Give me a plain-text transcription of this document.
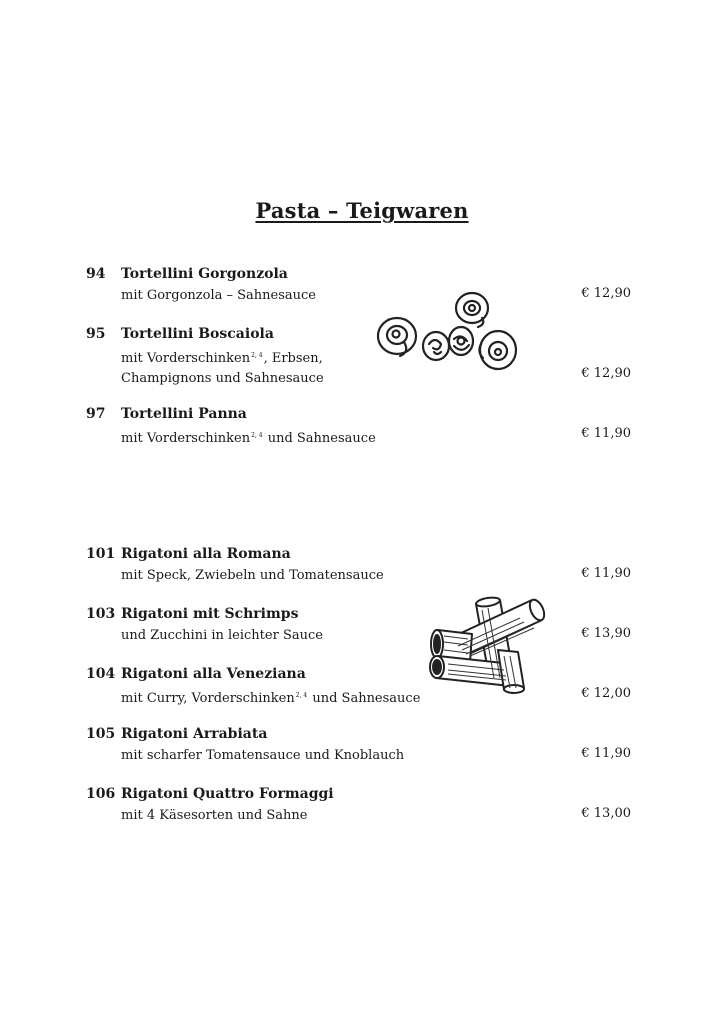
Pasta – Teigwaren
94 Tortellini Gorgonzola
mit Gorgonzola – Sahnesauce	€ 12,90
95 Tortellini Boscaiola
mit Vorderschinken$^{2, 4}$, Erbsen,
Champignons und Sahnesauce	€ 12,90
97 Tortellini Panna
mit Vorderschinken$^{2, 4}$ und Sahnesauce	€ 11,90
101 Rigatoni alla Romana
mit Speck, Zwiebeln und Tomatensauce	€ 11,90
103 Rigatoni mit Schrimps
und Zucchini in leichter Sauce	€ 13,90
104 Rigatoni alla Veneziana
mit Curry, Vorderschinken$^{2, 4}$ und Sahnesauce	€ 12,00
105 Rigatoni Arrabiata
mit scharfer Tomatensauce und Knoblauch	€ 11,90
106 Rigatoni Quattro Formaggi
mit 4 Käsesorten und Sahne	€ 13,00
